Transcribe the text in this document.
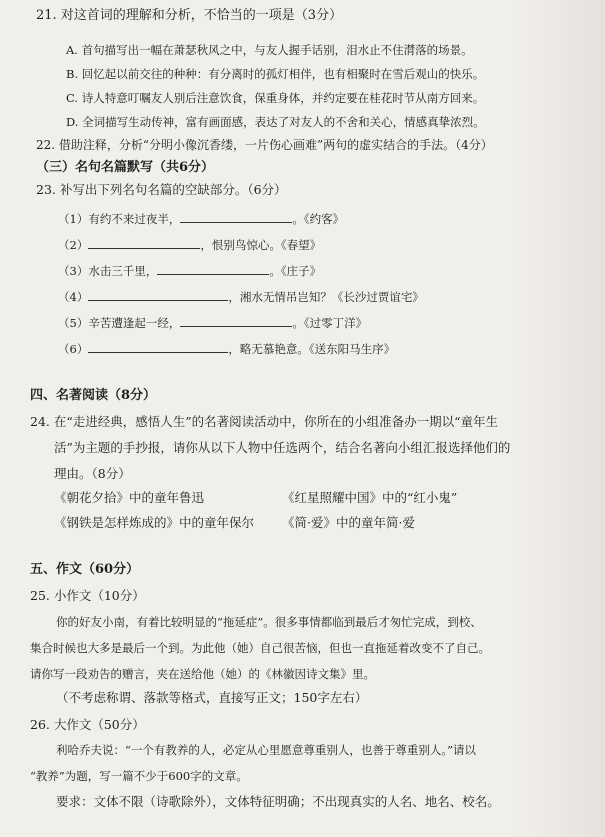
21. 对这首词的理解和分析，不恰当的一项是（3分）
A. 首句描写出一幅在萧瑟秋风之中，与友人握手话别，泪水止不住潸落的场景。
B. 回忆起以前交往的种种：有分离时的孤灯相伴，也有相聚时在雪后观山的快乐。
C. 诗人特意叮嘱友人别后注意饮食，保重身体，并约定要在桂花时节从南方回来。
D. 全词描写生动传神，富有画面感，表达了对友人的不舍和关心，情感真挚浓烈。
22. 借助注释，分析“分明小像沉香缕，一片伤心画难”两句的虚实结合的手法。（4分）
（三）名句名篇默写（共6分）
23. 补写出下列名句名篇的空缺部分。（6分）
（1）有约不来过夜半，	。《约客》
（2）	，恨别鸟惊心。《春望》
（3）水击三千里，	。《庄子》
（4）	，湘水无情吊岂知？《长沙过贾谊宅》
（5）辛苦遭逢起一经，	。《过零丁洋》
（6）	，略无慕艳意。《送东阳马生序》
四、名著阅读（8分）
24. 在“走进经典，感悟人生”的名著阅读活动中，你所在的小组准备办一期以“童年生
活”为主题的手抄报，请你从以下人物中任选两个，结合名著向小组汇报选择他们的
理由。（8分）
《朝花夕拾》中的童年鲁迅	《红星照耀中国》中的“红小鬼”
《钢铁是怎样炼成的》中的童年保尔 《简·爱》中的童年简·爱
五、作文（60分）
25. 小作文（10分）
你的好友小南，有着比较明显的“拖延症”。很多事情都临到最后才匆忙完成，到校、
集合时候也大多是最后一个到。为此他（她）自己很苦恼，但也一直拖延着改变不了自己。
请你写一段劝告的赠言，夹在送给他（她）的《林徽因诗文集》里。
（不考虑称谓、落款等格式，直接写正文；150字左右）
26. 大作文（50分）
利哈乔夫说：“一个有教养的人，必定从心里愿意尊重别人，也善于尊重别人。”请以
“教养”为题，写一篇不少于600字的文章。
要求：文体不限（诗歌除外），文体特征明确；不出现真实的人名、地名、校名。
